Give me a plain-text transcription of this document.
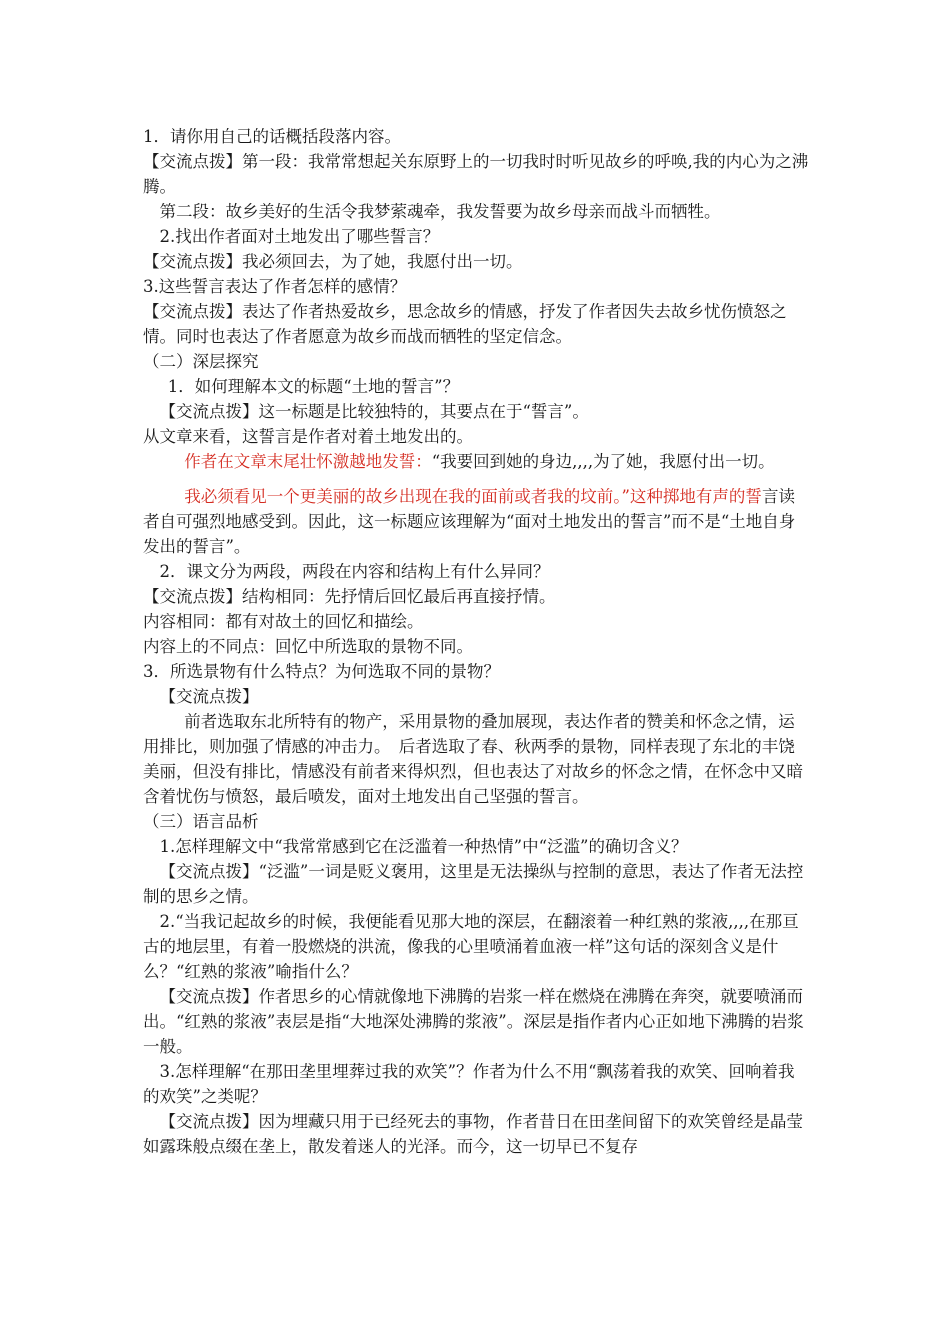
1．请你用自己的话概括段落内容。

【交流点拨】第一段：我常常想起关东原野上的一切我时时听见故乡的呼唤,我的内心为之沸腾。

第二段：故乡美好的生活令我梦萦魂牵，我发誓要为故乡母亲而战斗而牺牲。

2.找出作者面对土地发出了哪些誓言？

【交流点拨】我必须回去，为了她，我愿付出一切。

3.这些誓言表达了作者怎样的感情？

【交流点拨】表达了作者热爱故乡，思念故乡的情感，抒发了作者因失去故乡忧伤愤怒之情。同时也表达了作者愿意为故乡而战而牺牲的坚定信念。

（二）深层探究

1．如何理解本文的标题“土地的誓言”？

【交流点拨】这一标题是比较独特的，其要点在于“誓言”。

从文章来看，这誓言是作者对着土地发出的。

作者在文章末尾壮怀激越地发誓：“我要回到她的身边,,,,为了她，我愿付出一切。

我必须看见一个更美丽的故乡出现在我的面前或者我的坟前。”这种掷地有声的誓言读者自可强烈地感受到。因此，这一标题应该理解为“面对土地发出的誓言”而不是“土地自身发出的誓言”。

2．课文分为两段，两段在内容和结构上有什么异同？

【交流点拨】结构相同：先抒情后回忆最后再直接抒情。

内容相同：都有对故土的回忆和描绘。

内容上的不同点：回忆中所选取的景物不同。

3．所选景物有什么特点？为何选取不同的景物？

【交流点拨】

前者选取东北所特有的物产，采用景物的叠加展现，表达作者的赞美和怀念之情，运用排比，则加强了情感的冲击力。　后者选取了春、秋两季的景物，同样表现了东北的丰饶美丽，但没有排比，情感没有前者来得炽烈，但也表达了对故乡的怀念之情，在怀念中又暗含着忧伤与愤怒，最后喷发，面对土地发出自己坚强的誓言。

（三）语言品析

1.怎样理解文中“我常常感到它在泛滥着一种热情”中“泛滥”的确切含义？

【交流点拨】“泛滥”一词是贬义褒用，这里是无法操纵与控制的意思，表达了作者无法控制的思乡之情。

2.“当我记起故乡的时候，我便能看见那大地的深层，在翻滚着一种红熟的浆液,,,,在那亘古的地层里，有着一股燃烧的洪流，像我的心里喷涌着血液一样”这句话的深刻含义是什么？“红熟的浆液”喻指什么？

【交流点拨】作者思乡的心情就像地下沸腾的岩浆一样在燃烧在沸腾在奔突，就要喷涌而出。“红熟的浆液”表层是指“大地深处沸腾的浆液”。深层是指作者内心正如地下沸腾的岩浆一般。

3.怎样理解“在那田垄里埋葬过我的欢笑”？作者为什么不用“飘荡着我的欢笑、回响着我的欢笑”之类呢？

【交流点拨】因为埋藏只用于已经死去的事物，作者昔日在田垄间留下的欢笑曾经是晶莹如露珠般点缀在垄上，散发着迷人的光泽。而今，这一切早已不复存
